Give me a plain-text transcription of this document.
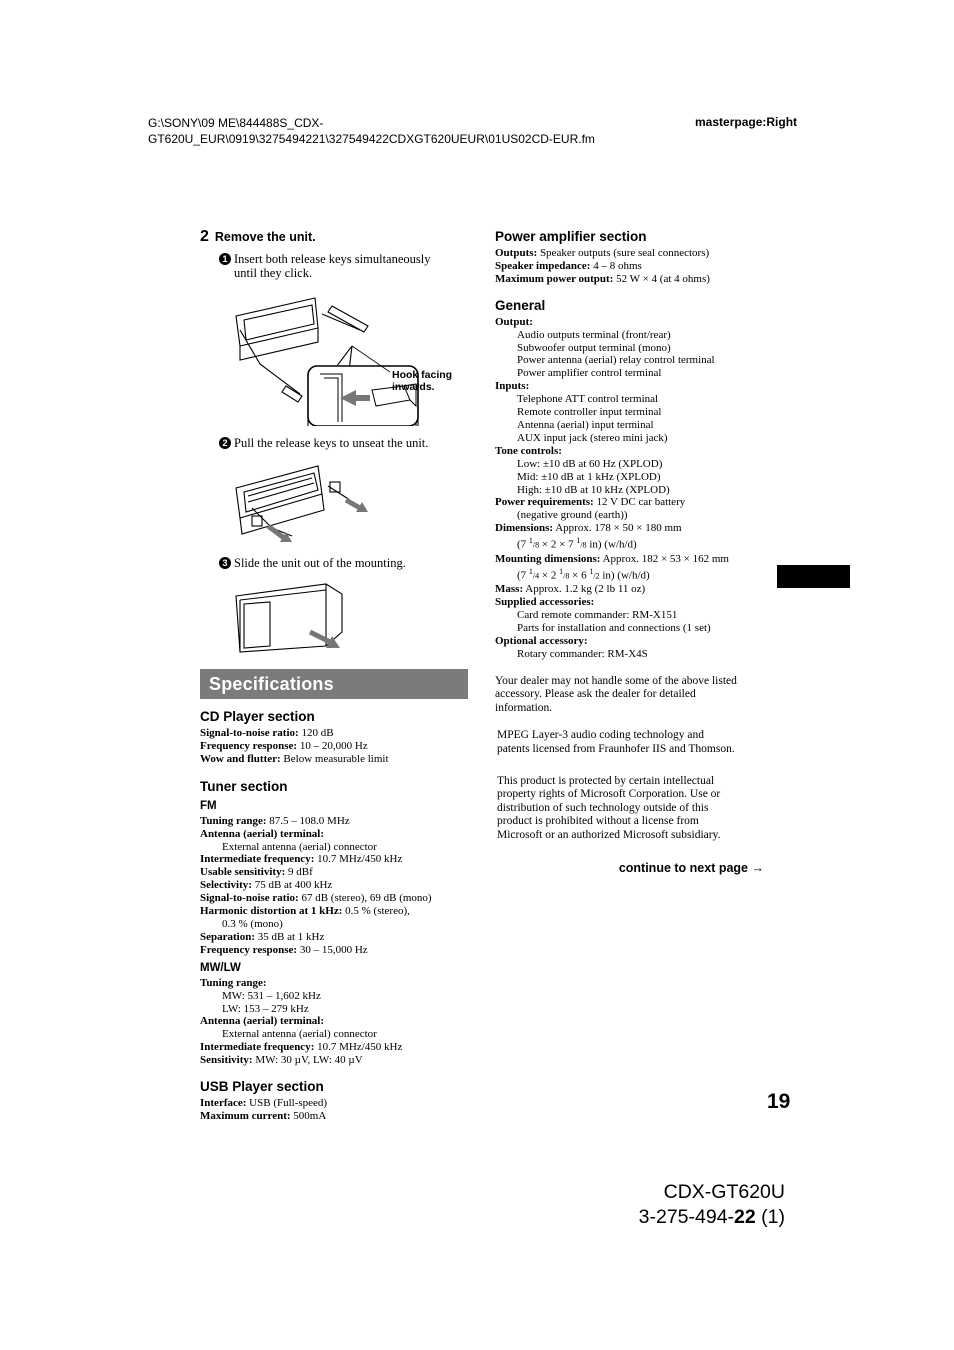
G:\SONY\09 ME\844488S_CDX-
GT620U_EUR\0919\3275494221\327549422CDXGT620UEUR\01US02CD-EUR.fm
masterpage:Right
2 Remove the unit.
1 Insert both release keys simultaneously
until they click.
Hook facing
inwards.
2 Pull the release keys to unseat the unit.
3 Slide the unit out of the mounting.
Specifications
CD Player section
Signal-to-noise ratio: 120 dB
Frequency response: 10 – 20,000 Hz
Wow and flutter: Below measurable limit
Tuner section
FM
Tuning range: 87.5 – 108.0 MHz
Antenna (aerial) terminal:
External antenna (aerial) connector
Intermediate frequency: 10.7 MHz/450 kHz
Usable sensitivity: 9 dBf
Selectivity: 75 dB at 400 kHz
Signal-to-noise ratio: 67 dB (stereo), 69 dB (mono)
Harmonic distortion at 1 kHz: 0.5 % (stereo),
0.3 % (mono)
Separation: 35 dB at 1 kHz
Frequency response: 30 – 15,000 Hz
MW/LW
Tuning range:
MW: 531 – 1,602 kHz
LW: 153 – 279 kHz
Antenna (aerial) terminal:
External antenna (aerial) connector
Intermediate frequency: 10.7 MHz/450 kHz
Sensitivity: MW: 30 µV, LW: 40 µV
USB Player section
Interface: USB (Full-speed)
Maximum current: 500mA
Power amplifier section
Outputs: Speaker outputs (sure seal connectors)
Speaker impedance: 4 – 8 ohms
Maximum power output: 52 W × 4 (at 4 ohms)
General
Output:
Audio outputs terminal (front/rear)
Subwoofer output terminal (mono)
Power antenna (aerial) relay control terminal
Power amplifier control terminal
Inputs:
Telephone ATT control terminal
Remote controller input terminal
Antenna (aerial) input terminal
AUX input jack (stereo mini jack)
Tone controls:
Low: ±10 dB at 60 Hz (XPLOD)
Mid: ±10 dB at 1 kHz (XPLOD)
High: ±10 dB at 10 kHz (XPLOD)
Power requirements: 12 V DC car battery
(negative ground (earth))
Dimensions: Approx. 178 × 50 × 180 mm
(7 $^1$/8 × 2 × 7 $^1$/8 in) (w/h/d)
Mounting dimensions: Approx. 182 × 53 × 162 mm
(7 $^1$/4 × 2 $^1$/8 × 6 $^1$/2 in) (w/h/d)
Mass: Approx. 1.2 kg (2 lb 11 oz)
Supplied accessories:
Card remote commander: RM-X151
Parts for installation and connections (1 set)
Optional accessory:
Rotary commander: RM-X4S
Your dealer may not handle some of the above listed
accessory. Please ask the dealer for detailed
information.
MPEG Layer-3 audio coding technology and
patents licensed from Fraunhofer IIS and Thomson.
This product is protected by certain intellectual
property rights of Microsoft Corporation. Use or
distribution of such technology outside of this
product is prohibited without a license from
Microsoft or an authorized Microsoft subsidiary.
continue to next page →
19
CDX-GT620U
3-275-494-22 (1)
